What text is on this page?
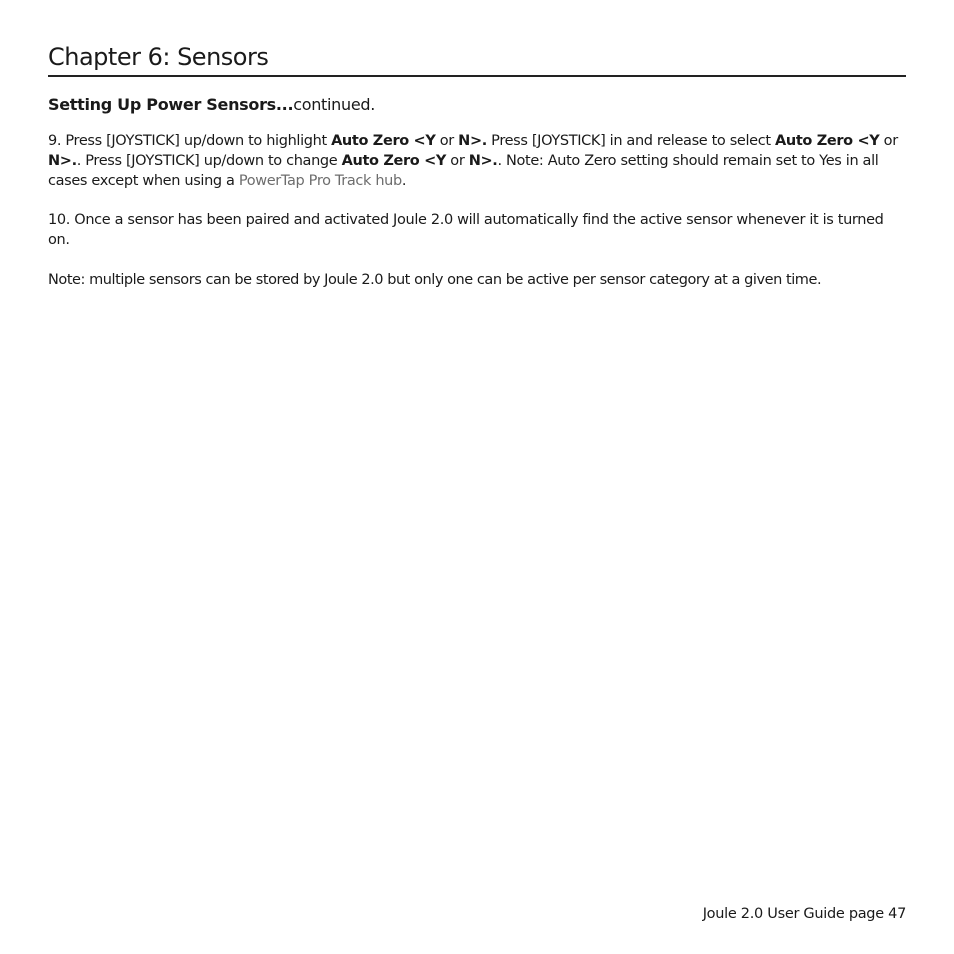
Chapter 6: Sensors
Setting Up Power Sensors...continued.

9. Press [JOYSTICK] up/down to highlight Auto Zero <Y or N>. Press [JOYSTICK] in and release to select Auto Zero <Y or N>.. Press [JOYSTICK] up/down to change Auto Zero <Y or N>.. Note: Auto Zero setting should remain set to Yes in all cases except when using a PowerTap Pro Track hub.

10. Once a sensor has been paired and activated Joule 2.0 will automatically find the active sensor whenever it is turned on.

Note: multiple sensors can be stored by Joule 2.0 but only one can be active per sensor category at a given time.

Joule 2.0 User Guide page 47
